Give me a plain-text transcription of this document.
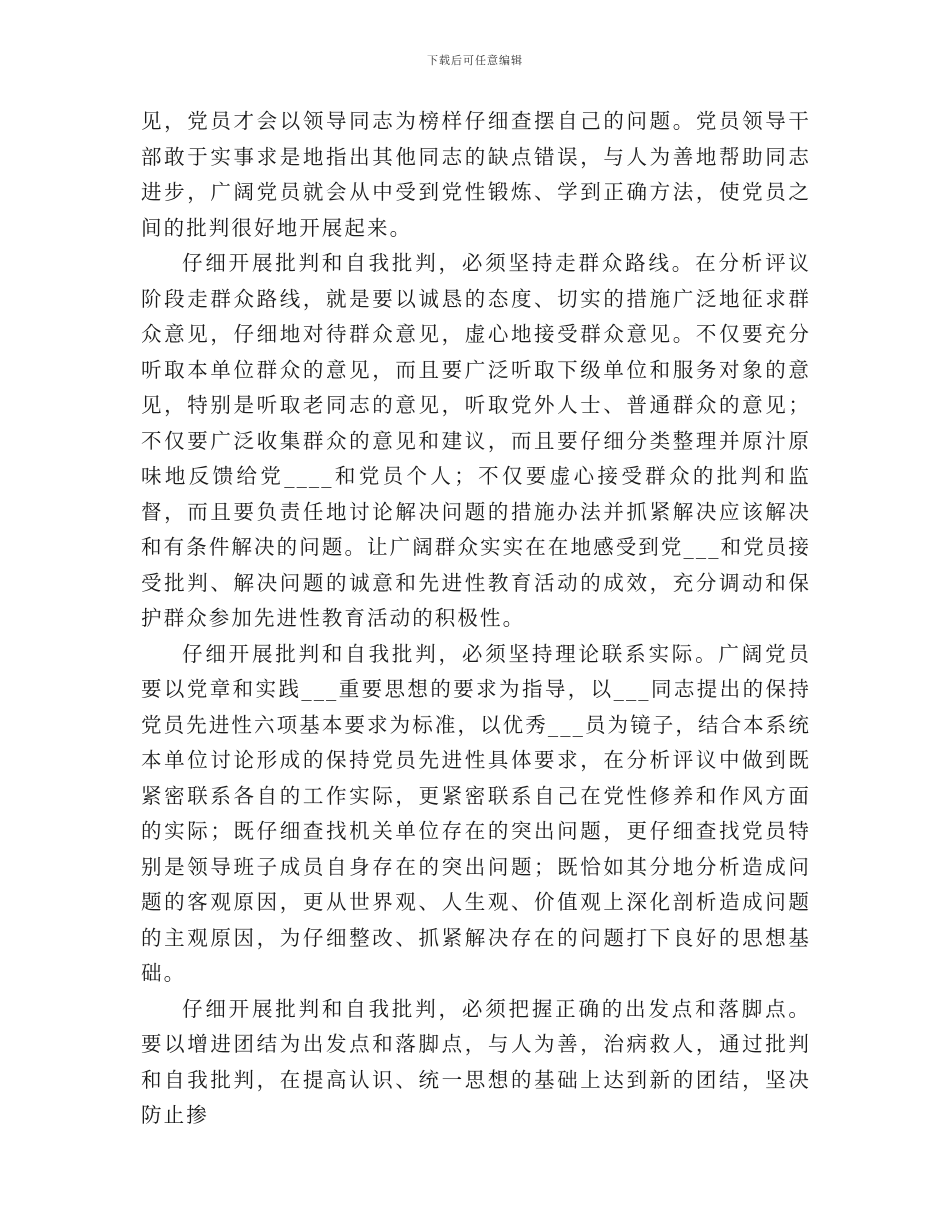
下载后可任意编辑

见，党员才会以领导同志为榜样仔细查摆自己的问题。党员领导干部敢于实事求是地指出其他同志的缺点错误，与人为善地帮助同志进步，广阔党员就会从中受到党性锻炼、学到正确方法，使党员之间的批判很好地开展起来。

仔细开展批判和自我批判，必须坚持走群众路线。在分析评议阶段走群众路线，就是要以诚恳的态度、切实的措施广泛地征求群众意见，仔细地对待群众意见，虚心地接受群众意见。不仅要充分听取本单位群众的意见，而且要广泛听取下级单位和服务对象的意见，特别是听取老同志的意见，听取党外人士、普通群众的意见；不仅要广泛收集群众的意见和建议，而且要仔细分类整理并原汁原味地反馈给党____和党员个人；不仅要虚心接受群众的批判和监督，而且要负责任地讨论解决问题的措施办法并抓紧解决应该解决和有条件解决的问题。让广阔群众实实在在地感受到党___和党员接受批判、解决问题的诚意和先进性教育活动的成效，充分调动和保护群众参加先进性教育活动的积极性。

仔细开展批判和自我批判，必须坚持理论联系实际。广阔党员要以党章和实践___重要思想的要求为指导，以___同志提出的保持党员先进性六项基本要求为标准，以优秀___员为镜子，结合本系统本单位讨论形成的保持党员先进性具体要求，在分析评议中做到既紧密联系各自的工作实际，更紧密联系自己在党性修养和作风方面的实际；既仔细查找机关单位存在的突出问题，更仔细查找党员特别是领导班子成员自身存在的突出问题；既恰如其分地分析造成问题的客观原因，更从世界观、人生观、价值观上深化剖析造成问题的主观原因，为仔细整改、抓紧解决存在的问题打下良好的思想基础。

仔细开展批判和自我批判，必须把握正确的出发点和落脚点。要以增进团结为出发点和落脚点，与人为善，治病救人，通过批判和自我批判，在提高认识、统一思想的基础上达到新的团结，坚决防止掺
